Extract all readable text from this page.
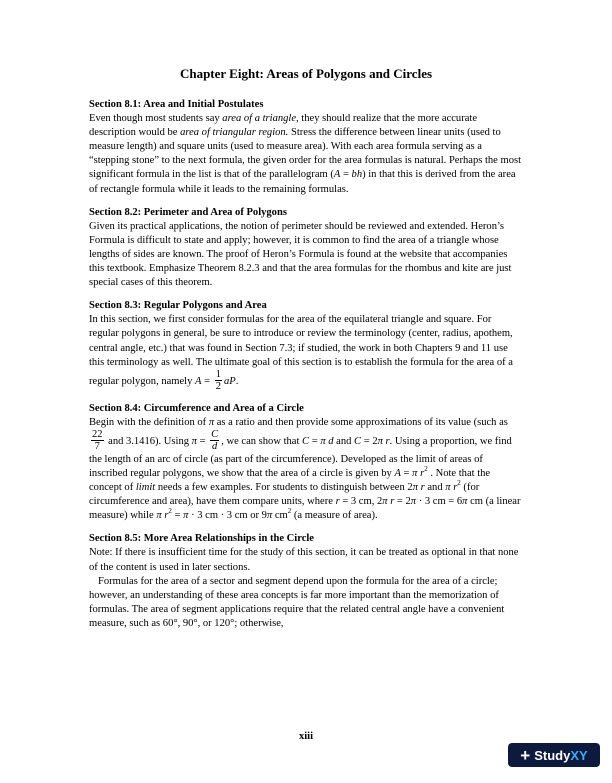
Chapter Eight: Areas of Polygons and Circles
Section 8.1: Area and Initial Postulates

Even though most students say area of a triangle, they should realize that the more accurate description would be area of triangular region. Stress the difference between linear units (used to measure length) and square units (used to measure area). With each area formula serving as a “stepping stone” to the next formula, the given order for the area formulas is natural. Perhaps the most significant formula in the list is that of the parallelogram (A = bh) in that this is derived from the area of rectangle formula while it leads to the remaining formulas.

Section 8.2: Perimeter and Area of Polygons

Given its practical applications, the notion of perimeter should be reviewed and extended. Heron’s Formula is difficult to state and apply; however, it is common to find the area of a triangle whose lengths of sides are known. The proof of Heron’s Formula is found at the website that accompanies this textbook. Emphasize Theorem 8.2.3 and that the area formulas for the rhombus and kite are just special cases of this theorem.

Section 8.3: Regular Polygons and Area

In this section, we first consider formulas for the area of the equilateral triangle and square. For regular polygons in general, be sure to introduce or review the terminology (center, radius, apothem, central angle, etc.) that was found in Section 7.3; if studied, the work in both Chapters 9 and 11 use this terminology as well. The ultimate goal of this section is to establish the formula for the area of a regular polygon, namely $A = \frac{1}{2}$ aP.

Section 8.4: Circumference and Area of a Circle

Begin with the definition of π as a ratio and then provide some approximations of its value (such as
$\frac{22}{7}$ and 3.1416). Using $\pi = \frac{C}{d}$ , we can show that C = π d and C = 2π r. Using a proportion, we find the length of an arc of circle (as part of the circumference). Developed as the limit of areas of inscribed regular polygons, we show that the area of a circle is given by A = π $r^2$ . Note that the concept of limit needs a few examples. For students to distinguish between 2π r and π $r^2$ (for circumference and area), have them compare units, where r = 3 cm, 2π r = 2π · 3 cm = 6π cm (a linear measure) while π $r^2 = \pi \cdot 3$ cm · 3 cm or 9π $cm^2$ (a measure of area).

Section 8.5: More Area Relationships in the Circle

Note: If there is insufficient time for the study of this section, it can be treated as optional in that none of the content is used in later sections.

Formulas for the area of a sector and segment depend upon the formula for the area of a circle; however, an understanding of these area concepts is far more important than the memorization of formulas. The area of segment applications require that the related central angle have a convenient measure, such as 60°, 90°, or 120°; otherwise,

xiii
+ Study XY
